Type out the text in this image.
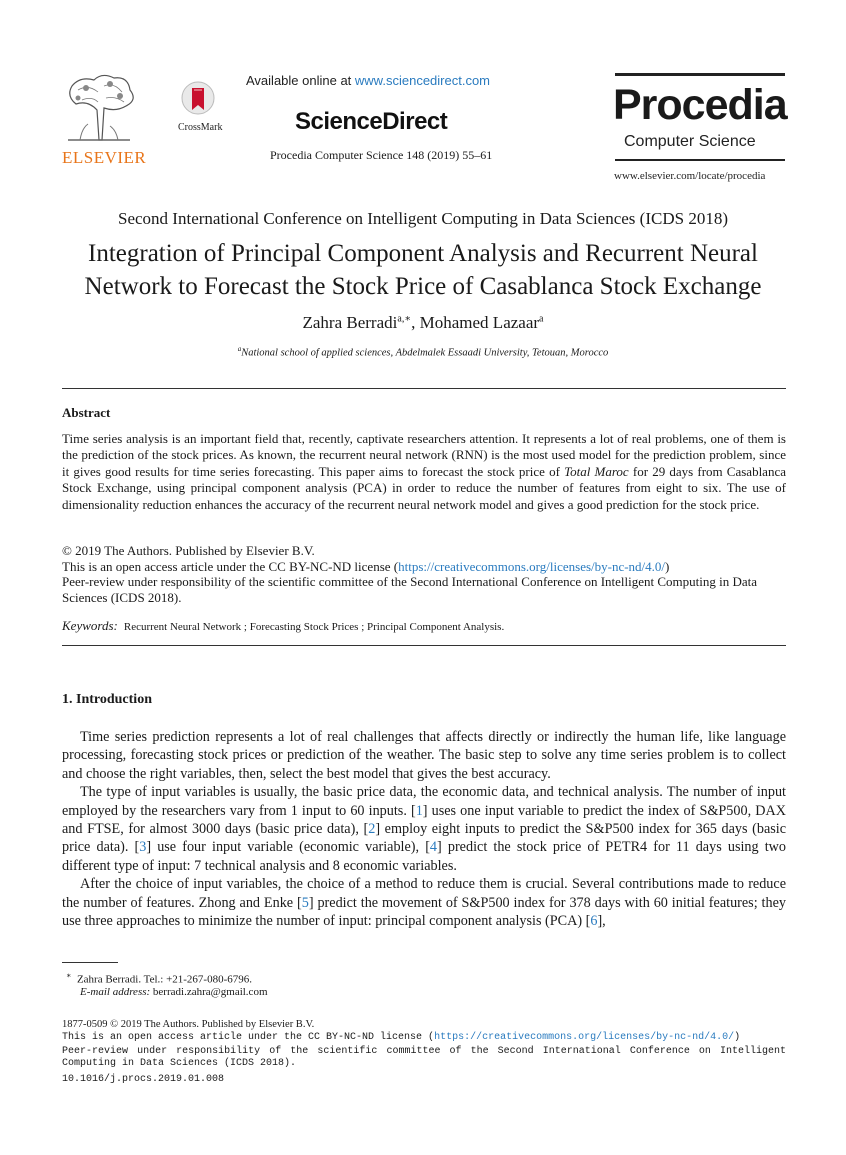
ELSEVIER
CrossMark
Available online at www.sciencedirect.com
ScienceDirect
Procedia Computer Science 148 (2019) 55–61
Procedia
Computer Science
www.elsevier.com/locate/procedia
Second International Conference on Intelligent Computing in Data Sciences (ICDS 2018)
Integration of Principal Component Analysis and Recurrent Neural
Network to Forecast the Stock Price of Casablanca Stock Exchange
Zahra Berradi$^{a,∗}$, Mohamed Lazaar$^a$
$^a$National school of applied sciences, Abdelmalek Essaadi University, Tetouan, Morocco
Abstract
Time series analysis is an important field that, recently, captivate researchers attention. It represents a lot of real problems, one of them is the prediction of the stock prices. As known, the recurrent neural network (RNN) is the most used model for the prediction problem, since it gives good results for time series forecasting. This paper aims to forecast the stock price of Total Maroc for 29 days from Casablanca Stock Exchange, using principal component analysis (PCA) in order to reduce the number of features from eight to six. The use of dimensionality reduction enhances the accuracy of the recurrent neural network model and gives a good prediction for the stock price.
© 2019 The Authors. Published by Elsevier B.V.
This is an open access article under the CC BY-NC-ND license (https://creativecommons.org/licenses/by-nc-nd/4.0/)
Peer-review under responsibility of the scientific committee of the Second International Conference on Intelligent Computing in Data Sciences (ICDS 2018).
Keywords: Recurrent Neural Network ; Forecasting Stock Prices ; Principal Component Analysis.
1. Introduction

Time series prediction represents a lot of real challenges that affects directly or indirectly the human life, like language processing, forecasting stock prices or prediction of the weather. The basic step to solve any time series problem is to collect and choose the right variables, then, select the best model that gives the best accuracy.

The type of input variables is usually, the basic price data, the economic data, and technical analysis. The number of input employed by the researchers vary from 1 input to 60 inputs. [1] uses one input variable to predict the index of S&P500, DAX and FTSE, for almost 3000 days (basic price data), [2] employ eight inputs to predict the S&P500 index for 365 days (basic price data). [3] use four input variable (economic variable), [4] predict the stock price of PETR4 for 11 days using two different type of input: 7 technical analysis and 8 economic variables.

After the choice of input variables, the choice of a method to reduce them is crucial. Several contributions made to reduce the number of features. Zhong and Enke [5] predict the movement of S&P500 index for 378 days with 60 initial features; they use three approaches to minimize the number of input: principal component analysis (PCA) [6],

∗ Zahra Berradi. Tel.: +21-267-080-6796.
E-mail address: berradi.zahra@gmail.com
1877-0509 © 2019 The Authors. Published by Elsevier B.V.
This is an open access article under the CC BY-NC-ND license (https://creativecommons.org/licenses/by-nc-nd/4.0/)
Peer-review under responsibility of the scientific committee of the Second International Conference on Intelligent Computing in Data Sciences (ICDS 2018).
10.1016/j.procs.2019.01.008
